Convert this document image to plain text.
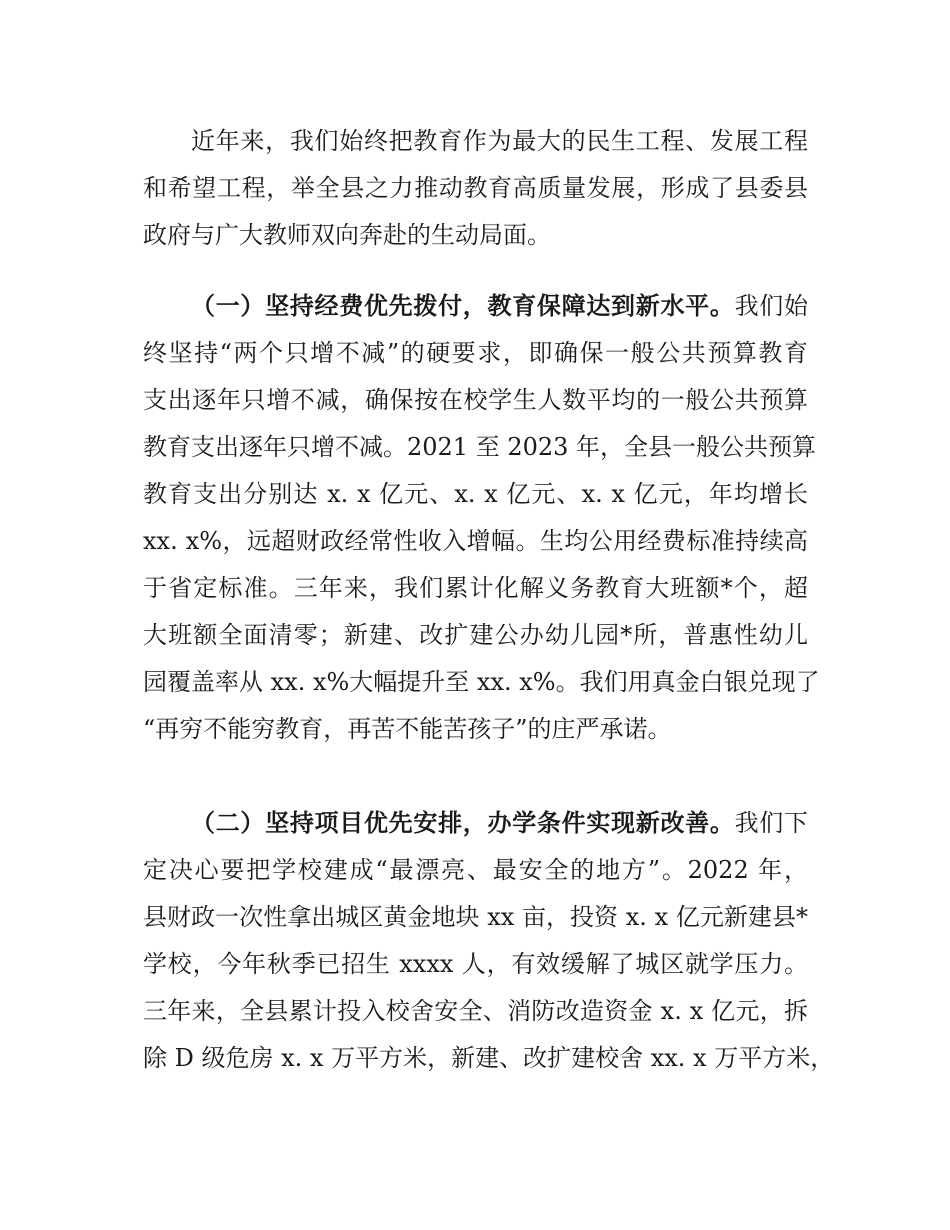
近年来，我们始终把教育作为最大的民生工程、发展工程
和希望工程，举全县之力推动教育高质量发展，形成了县委县
政府与广大教师双向奔赴的生动局面。
（一）坚持经费优先拨付，教育保障达到新水平。我们始
终坚持“两个只增不减”的硬要求，即确保一般公共预算教育
支出逐年只增不减，确保按在校学生人数平均的一般公共预算
教育支出逐年只增不减。2021 至 2023 年，全县一般公共预算
教育支出分别达 x. x 亿元、x. x 亿元、x. x 亿元，年均增长
xx. x%，远超财政经常性收入增幅。生均公用经费标准持续高
于省定标准。三年来，我们累计化解义务教育大班额*个，超
大班额全面清零；新建、改扩建公办幼儿园*所，普惠性幼儿
园覆盖率从 xx. x%大幅提升至 xx. x%。我们用真金白银兑现了
“再穷不能穷教育，再苦不能苦孩子”的庄严承诺。
（二）坚持项目优先安排，办学条件实现新改善。我们下
定决心要把学校建成“最漂亮、最安全的地方”。2022 年，
县财政一次性拿出城区黄金地块 xx 亩，投资 x. x 亿元新建县*
学校，今年秋季已招生 xxxx 人，有效缓解了城区就学压力。
三年来，全县累计投入校舍安全、消防改造资金 x. x 亿元，拆
除 D 级危房 x. x 万平方米，新建、改扩建校舍 xx. x 万平方米，
